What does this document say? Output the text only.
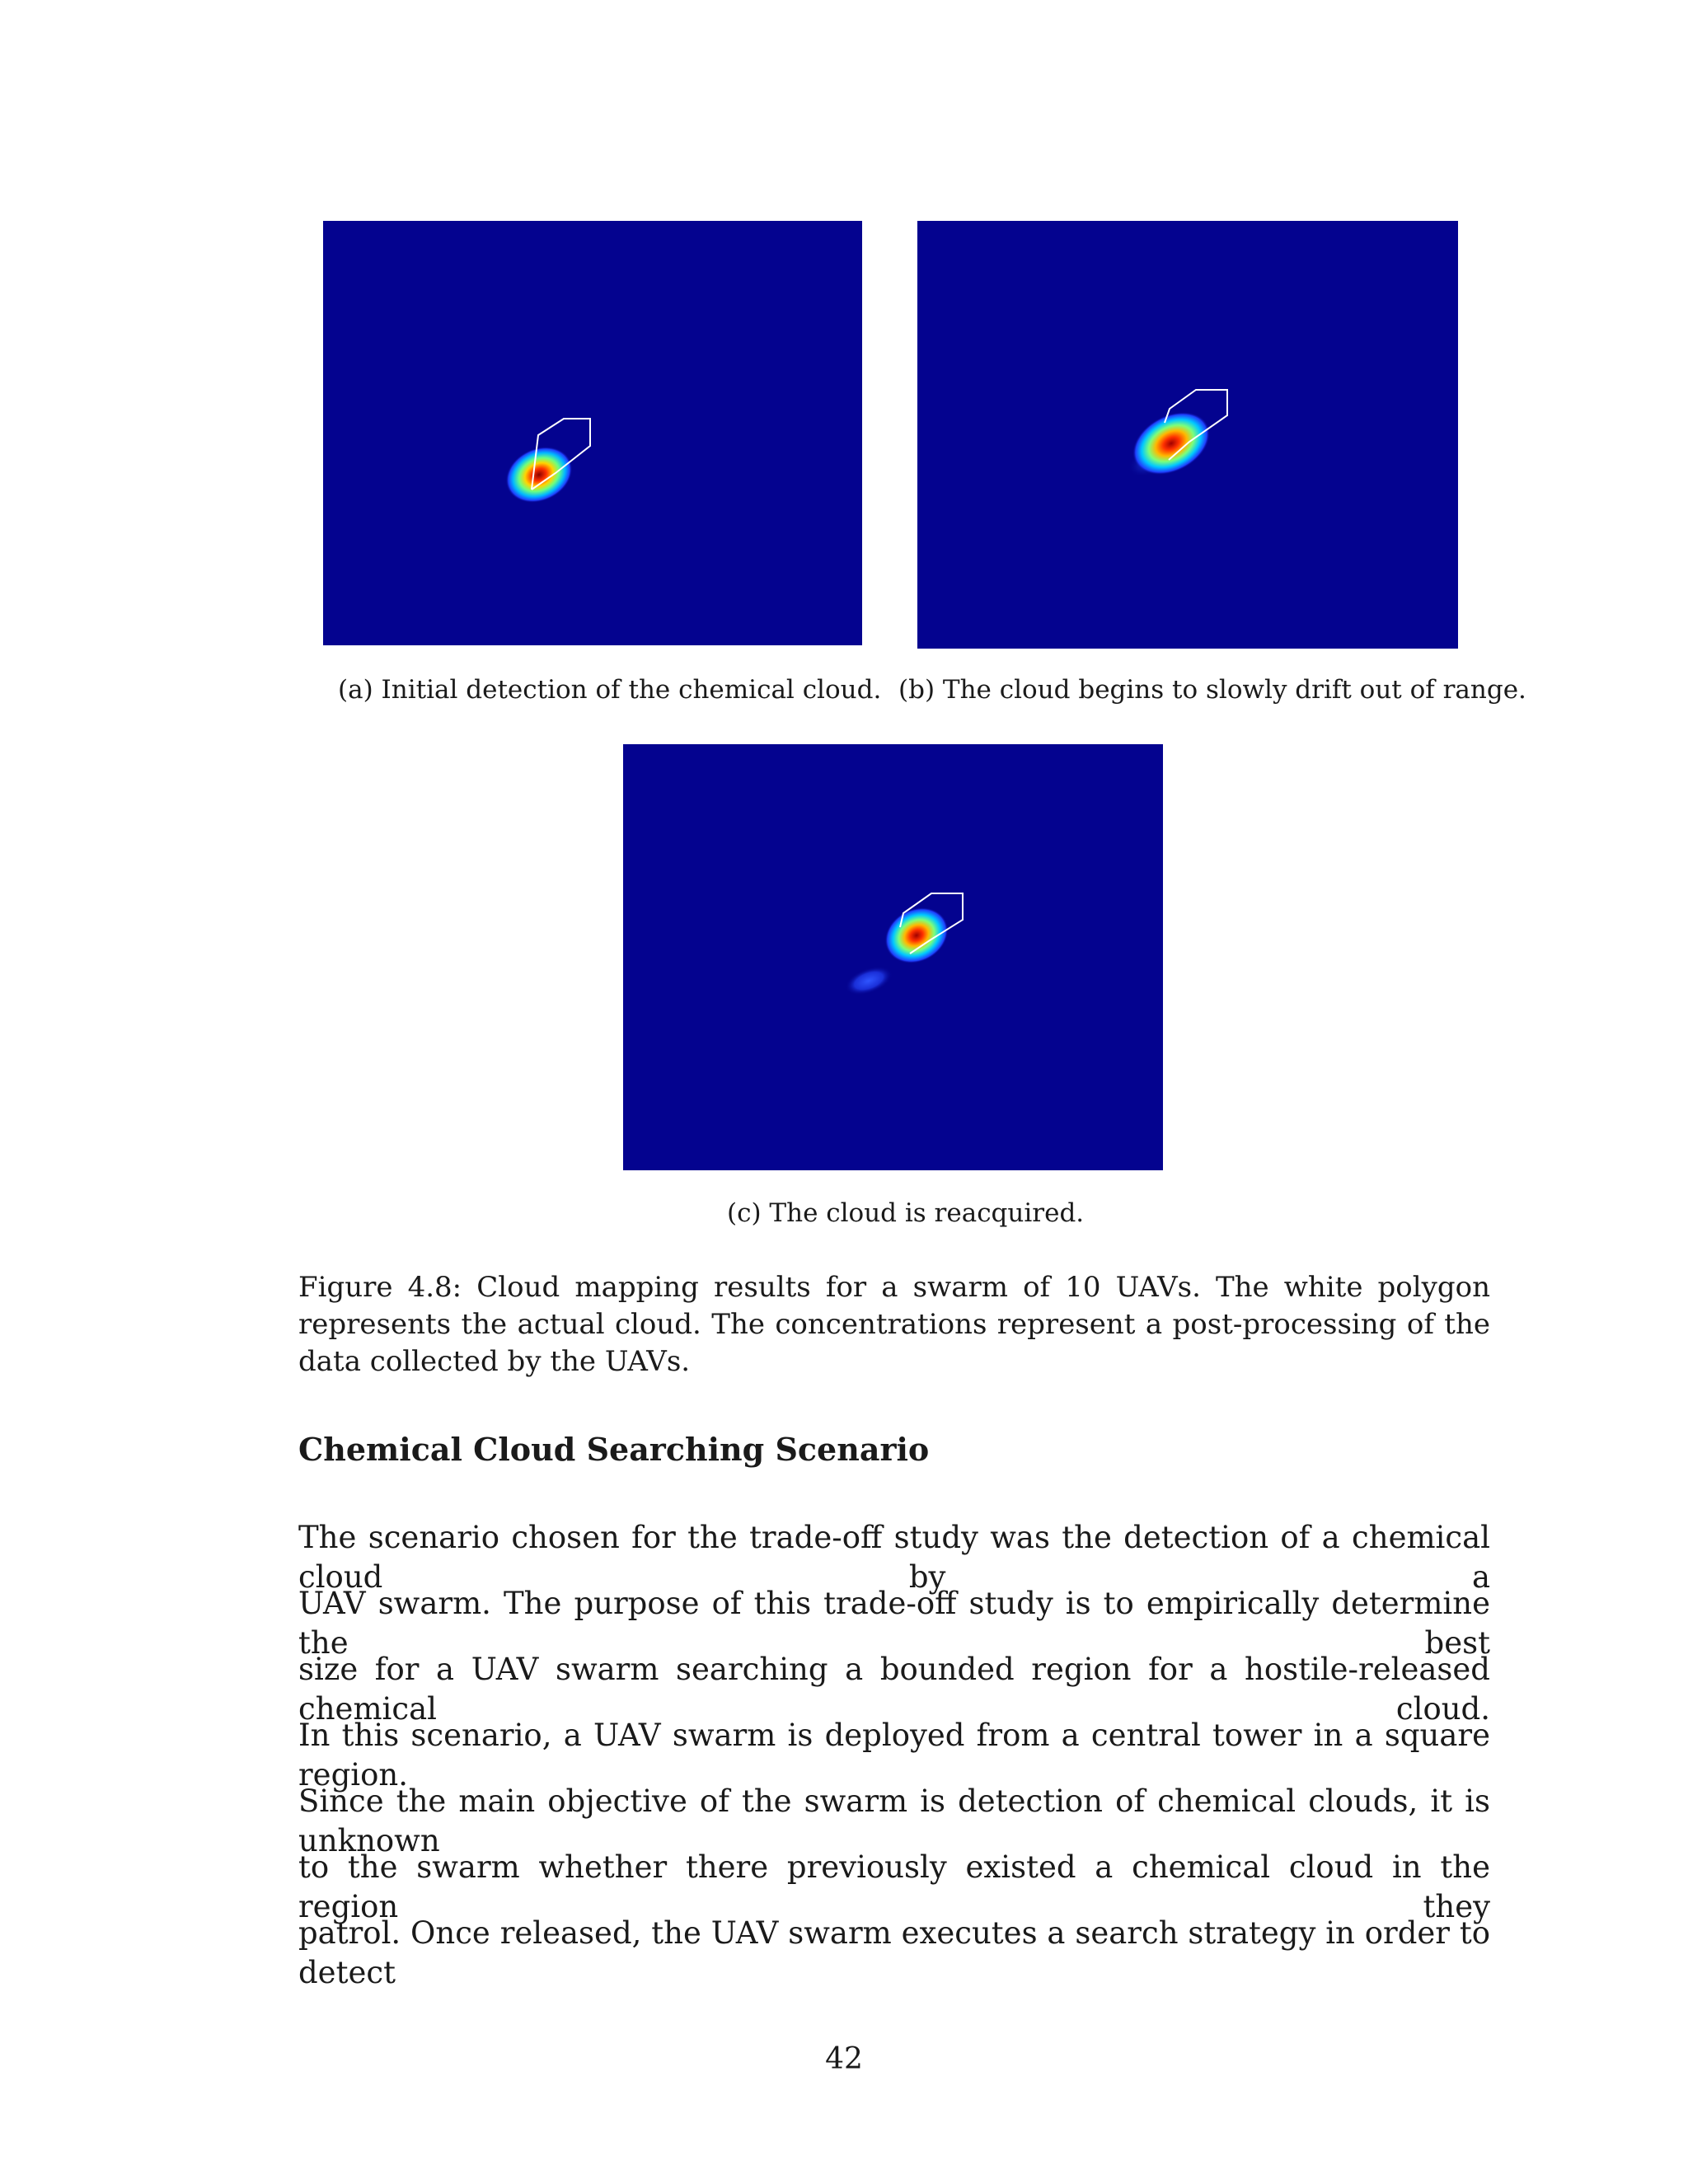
(a) Initial detection of the chemical cloud. (b) The cloud begins to slowly drift out of range.
(c) The cloud is reacquired.

Figure 4.8: Cloud mapping results for a swarm of 10 UAVs. The white polygon represents the actual cloud. The concentrations represent a post-processing of the data collected by the UAVs.

Chemical Cloud Searching Scenario
The scenario chosen for the trade-off study was the detection of a chemical cloud by a
UAV swarm. The purpose of this trade-off study is to empirically determine the best
size for a UAV swarm searching a bounded region for a hostile-released chemical cloud.
In this scenario, a UAV swarm is deployed from a central tower in a square region.
Since the main objective of the swarm is detection of chemical clouds, it is unknown
to the swarm whether there previously existed a chemical cloud in the region they
patrol. Once released, the UAV swarm executes a search strategy in order to detect
42
